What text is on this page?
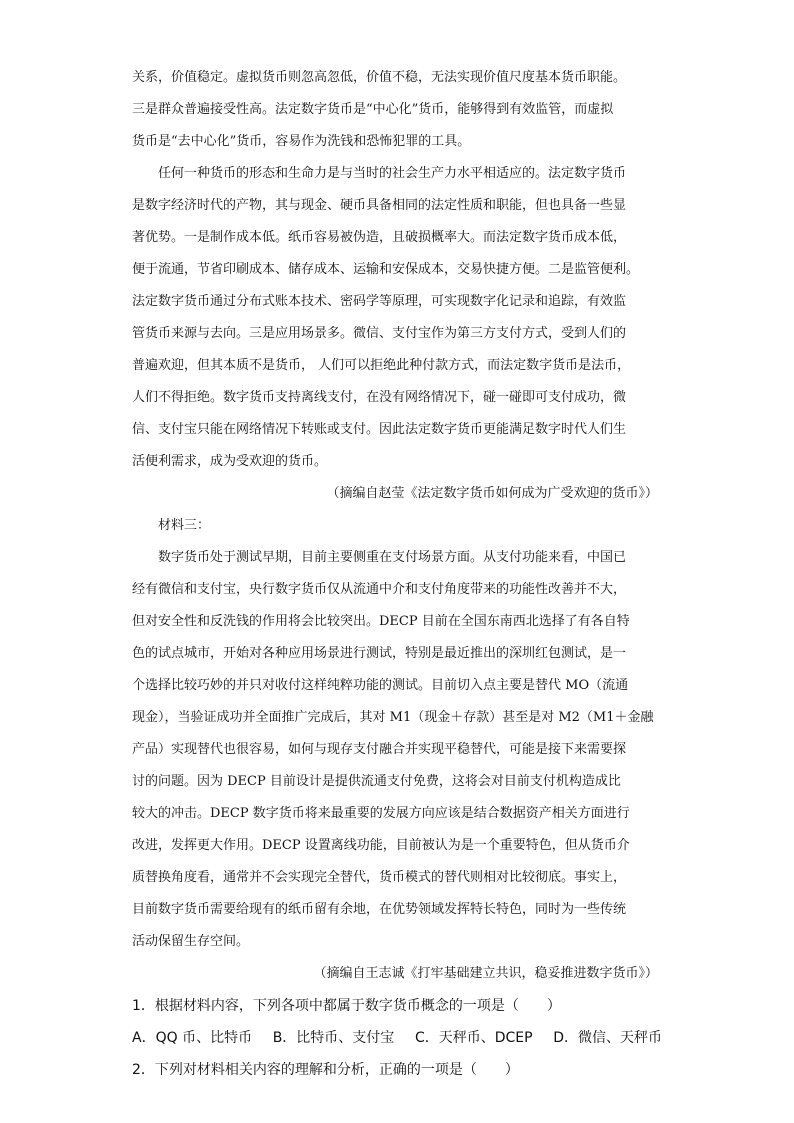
关系，价值稳定。虚拟货币则忽高忽低，价值不稳，无法实现价值尺度基本货币职能。
三是群众普遍接受性高。法定数字货币是“中心化”货币，能够得到有效监管，而虚拟
货币是“去中心化”货币，容易作为洗钱和恐怖犯罪的工具。
任何一种货币的形态和生命力是与当时的社会生产力水平相适应的。法定数字货币
是数字经济时代的产物，其与现金、硬币具备相同的法定性质和职能，但也具备一些显
著优势。一是制作成本低。纸币容易被伪造，且破损概率大。而法定数字货币成本低，
便于流通，节省印刷成本、储存成本、运输和安保成本，交易快捷方便。二是监管便利。
法定数字货币通过分布式账本技术、密码学等原理，可实现数字化记录和追踪，有效监
管货币来源与去向。三是应用场景多。微信、支付宝作为第三方支付方式，受到人们的
普遍欢迎，但其本质不是货币， 人们可以拒绝此种付款方式，而法定数字货币是法币，
人们不得拒绝。数字货币支持离线支付，在没有网络情况下，碰一碰即可支付成功，微
信、支付宝只能在网络情况下转账或支付。因此法定数字货币更能满足数字时代人们生
活便利需求，成为受欢迎的货币。
（摘编自赵莹《法定数字货币如何成为广受欢迎的货币》）
材料三：
数字货币处于测试早期，目前主要侧重在支付场景方面。从支付功能来看，中国已
经有微信和支付宝，央行数字货币仅从流通中介和支付角度带来的功能性改善并不大，
但对安全性和反洗钱的作用将会比较突出。DECP 目前在全国东南西北选择了有各自特
色的试点城市，开始对各种应用场景进行测试，特别是最近推出的深圳红包测试，是一
个选择比较巧妙的并只对收付这样纯粹功能的测试。目前切入点主要是替代 MO（流通
现金），当验证成功并全面推广完成后，其对 M1（现金＋存款）甚至是对 M2（M1＋金融
产品）实现替代也很容易，如何与现存支付融合并实现平稳替代，可能是接下来需要探
讨的问题。因为 DECP 目前设计是提供流通支付免费，这将会对目前支付机构造成比
较大的冲击。DECP 数字货币将来最重要的发展方向应该是结合数据资产相关方面进行
改进，发挥更大作用。DECP 设置离线功能，目前被认为是一个重要特色，但从货币介
质替换角度看，通常并不会实现完全替代，货币模式的替代则相对比较彻底。事实上，
目前数字货币需要给现有的纸币留有余地，在优势领域发挥特长特色，同时为一些传统
活动保留生存空间。
（摘编自王志诚《打牢基础建立共识，稳妥推进数字货币》）
1．根据材料内容，下列各项中都属于数字货币概念的一项是（　　）
A．QQ 币、比特币 B．比特币、支付宝 C．天秤币、DCEP D．微信、天秤币
2．下列对材料相关内容的理解和分析，正确的一项是（　　）
